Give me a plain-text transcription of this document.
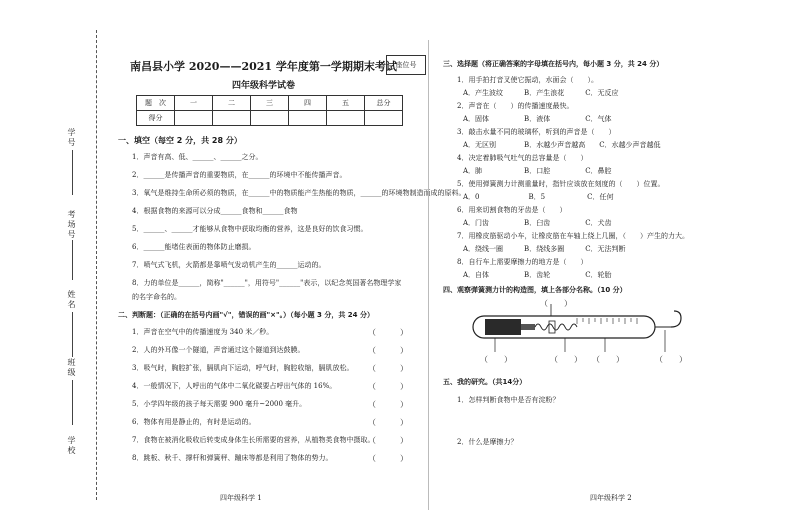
学号
考场号
姓名
班级
学校
南昌县小学 2020——2021 学年度第一学期期末考试
座位号
四年级科学试卷
题　次	一	二	三	四	五	总分
得分						
一、填空（每空 2 分，共 28 分）
1．声音有高、低、______、______之分。
2．______是传播声音的重要物质，在______的环境中不能传播声音。
3．氧气是维持生命所必须的物质，在______中的物质能产生热能的物质，______的环境物制造而成的原料。
4．根据食物的来源可以分成______食物和______食物
5．______、______才能够从食物中获取均衡的营养，这是良好的饮食习惯。
6．______能堵住表面的物体防止磨损。
7．喷气式飞机，火箭都是靠喷气发动机产生的______运动的。
8．力的单位是______，简称"______"，用符号"______"表示，以纪念英国著名物理学家的名字命名的。
二、判断题：（正确的在括号内画"√"，错误的画"×"。）（每小题 3 分，共 24 分）
1．声音在空气中的传播速度为 340 米／秒。	（　　　）
2．人的外耳像一个隧道，声音通过这个隧道到达鼓膜。	（　　　）
3．吸气时，胸腔扩张，膈肌向下运动，呼气时，胸腔收缩，膈肌放松。 （　　　）
4．一般情况下，人呼出的气体中二氧化碳要占呼出气体的 16%。	（　　　）
5．小学四年级的孩子每天需要 900 毫升~2000 毫升。	（　　　）
6．物体有用是静止的，有时是运动的。	（　　　）
7．食物在被消化吸收后转变成身体生长所需要的营养，从植物类食物中摄取。
（　　　）
8．跳板、秋千、撑杆和弹簧秤、蹦床等都是利用了物体的势力。	（　　　）
四年级科学 1
三、选择题（将正确答案的字母填在括号内，每小题 3 分，共 24 分）
1．用手拍打音叉使它振动，水面会（　　）。
A．产生波纹　　　B．产生浪花　　　C．无反应
2．声音在（　　）的传播速度最快。
A．固体　　　　　B．液体　　　　　C．气体
3．敲击水量不同的玻璃杯，听到的声音是（　　）
A．无区别　　　　B．水越少声音越高　　C．水越少声音越低
4．决定着肺吸气吐气的总容量是（　　）
A．肺　　　　　　B．口腔　　　　　C．鼻腔
5．使用弹簧测力计测重量时，指针应该放在刻度的（　　）位置。
A．0　　　　　　　B．5　　　　　　C．任何
6．用来切割食物的牙齿是（　　）
A．门齿　　　　　B．臼齿　　　　　C．犬齿
7．用橡皮筋驱动小车，让橡皮筋在车轴上绕上几圈，（　　）产生的力大。
A．绕线一圈　　　B．绕线多圈　　　C．无法判断
8．自行车上需要摩擦力的地方是（　　）
A．自体　　　　　B．齿轮　　　　　C．轮胎
四、观察弹簧测力计的构造图，填上各部分名称。（10 分）
（　　）
（　　）	（　　） （　　）	（　　）
五、我的研究。（共14分）
1．怎样判断食物中是否有淀粉？
2．什么是摩擦力？
四年级科学 2
